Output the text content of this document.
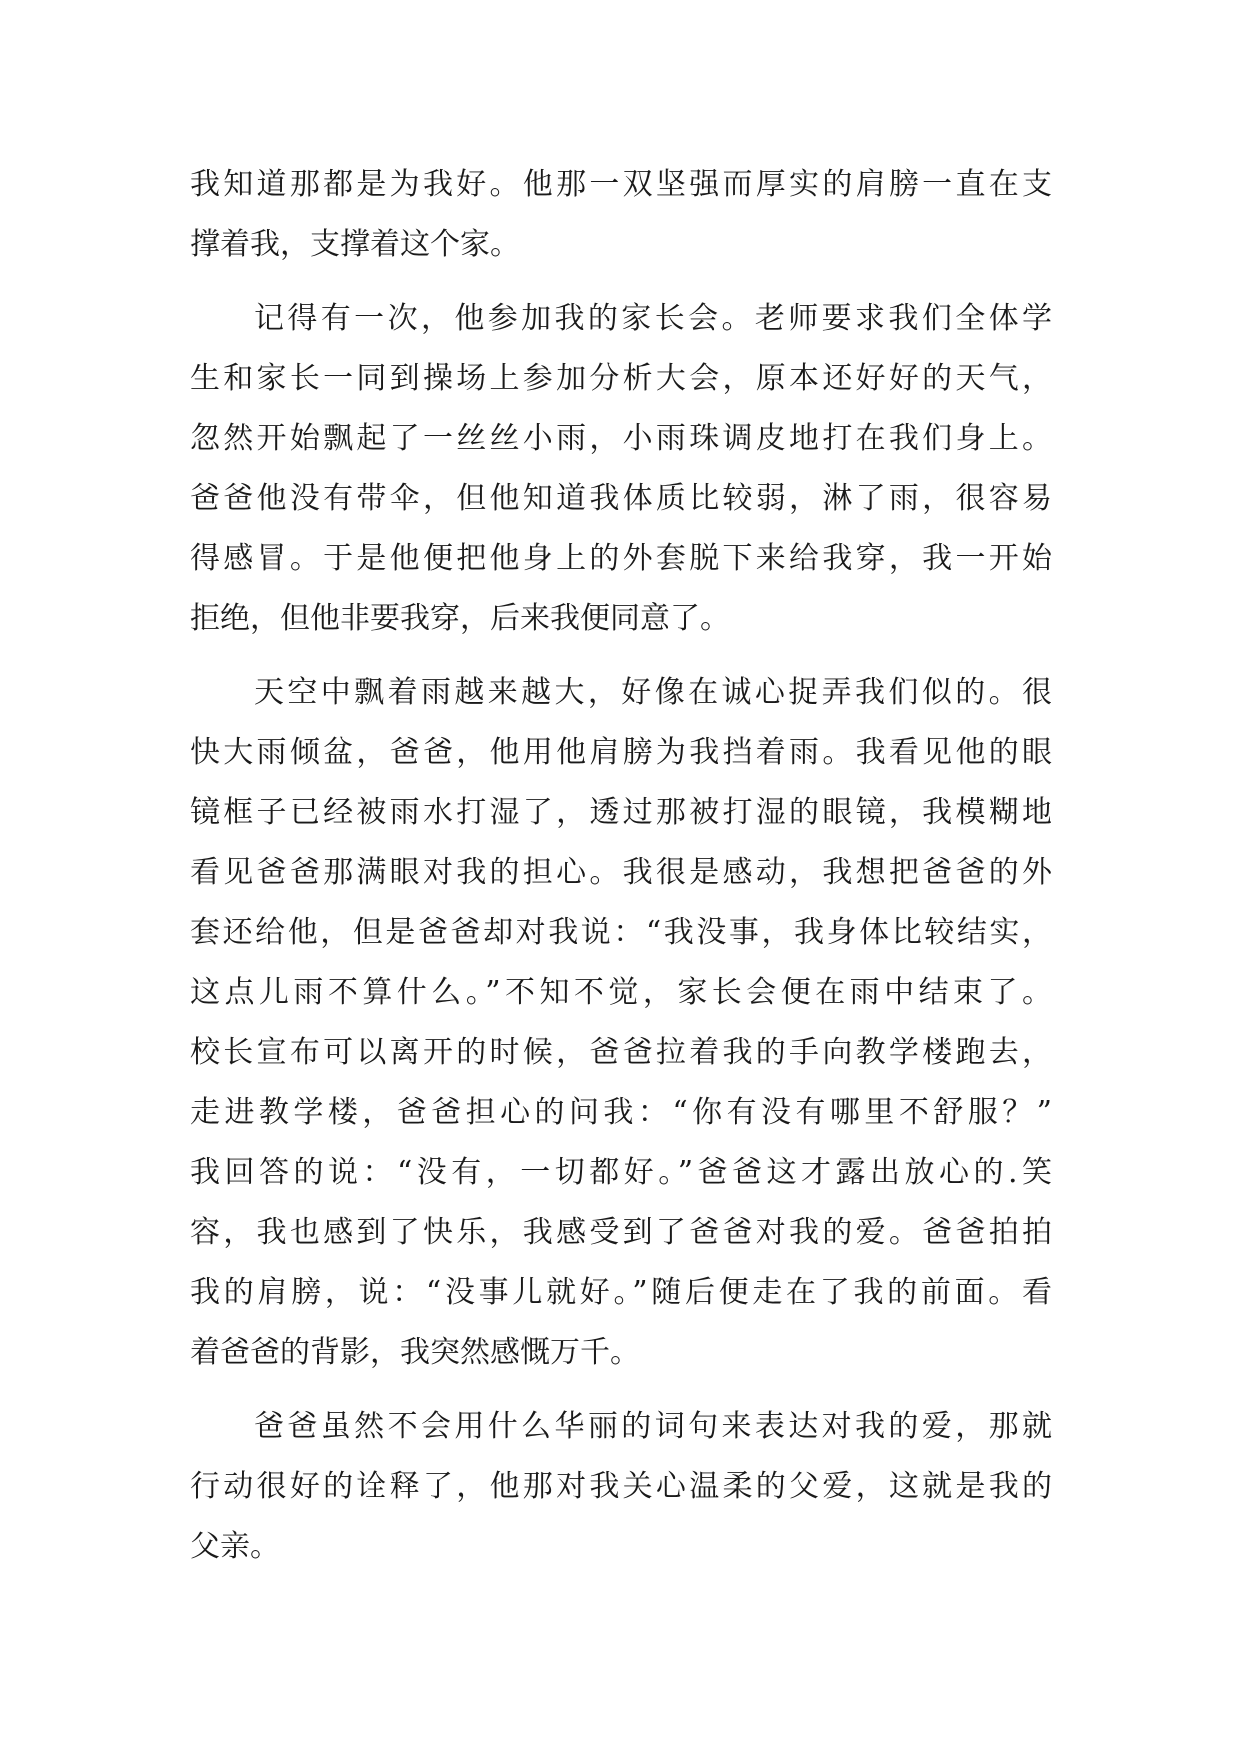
我知道那都是为我好。他那一双坚强而厚实的肩膀一直在支
撑着我，支撑着这个家。
记得有一次，他参加我的家长会。老师要求我们全体学
生和家长一同到操场上参加分析大会，原本还好好的天气，
忽然开始飘起了一丝丝小雨，小雨珠调皮地打在我们身上。
爸爸他没有带伞，但他知道我体质比较弱，淋了雨，很容易
得感冒。于是他便把他身上的外套脱下来给我穿，我一开始
拒绝，但他非要我穿，后来我便同意了。
天空中飘着雨越来越大，好像在诚心捉弄我们似的。很
快大雨倾盆，爸爸，他用他肩膀为我挡着雨。我看见他的眼
镜框子已经被雨水打湿了，透过那被打湿的眼镜，我模糊地
看见爸爸那满眼对我的担心。我很是感动，我想把爸爸的外
套还给他，但是爸爸却对我说：“我没事，我身体比较结实，
这点儿雨不算什么。”不知不觉，家长会便在雨中结束了。
校长宣布可以离开的时候，爸爸拉着我的手向教学楼跑去，
走进教学楼，爸爸担心的问我：“你有没有哪里不舒服？”
我回答的说：“没有，一切都好。”爸爸这才露出放心的.笑
容，我也感到了快乐，我感受到了爸爸对我的爱。爸爸拍拍
我的肩膀，说：“没事儿就好。”随后便走在了我的前面。看
着爸爸的背影，我突然感慨万千。
爸爸虽然不会用什么华丽的词句来表达对我的爱，那就
行动很好的诠释了，他那对我关心温柔的父爱，这就是我的
父亲。
